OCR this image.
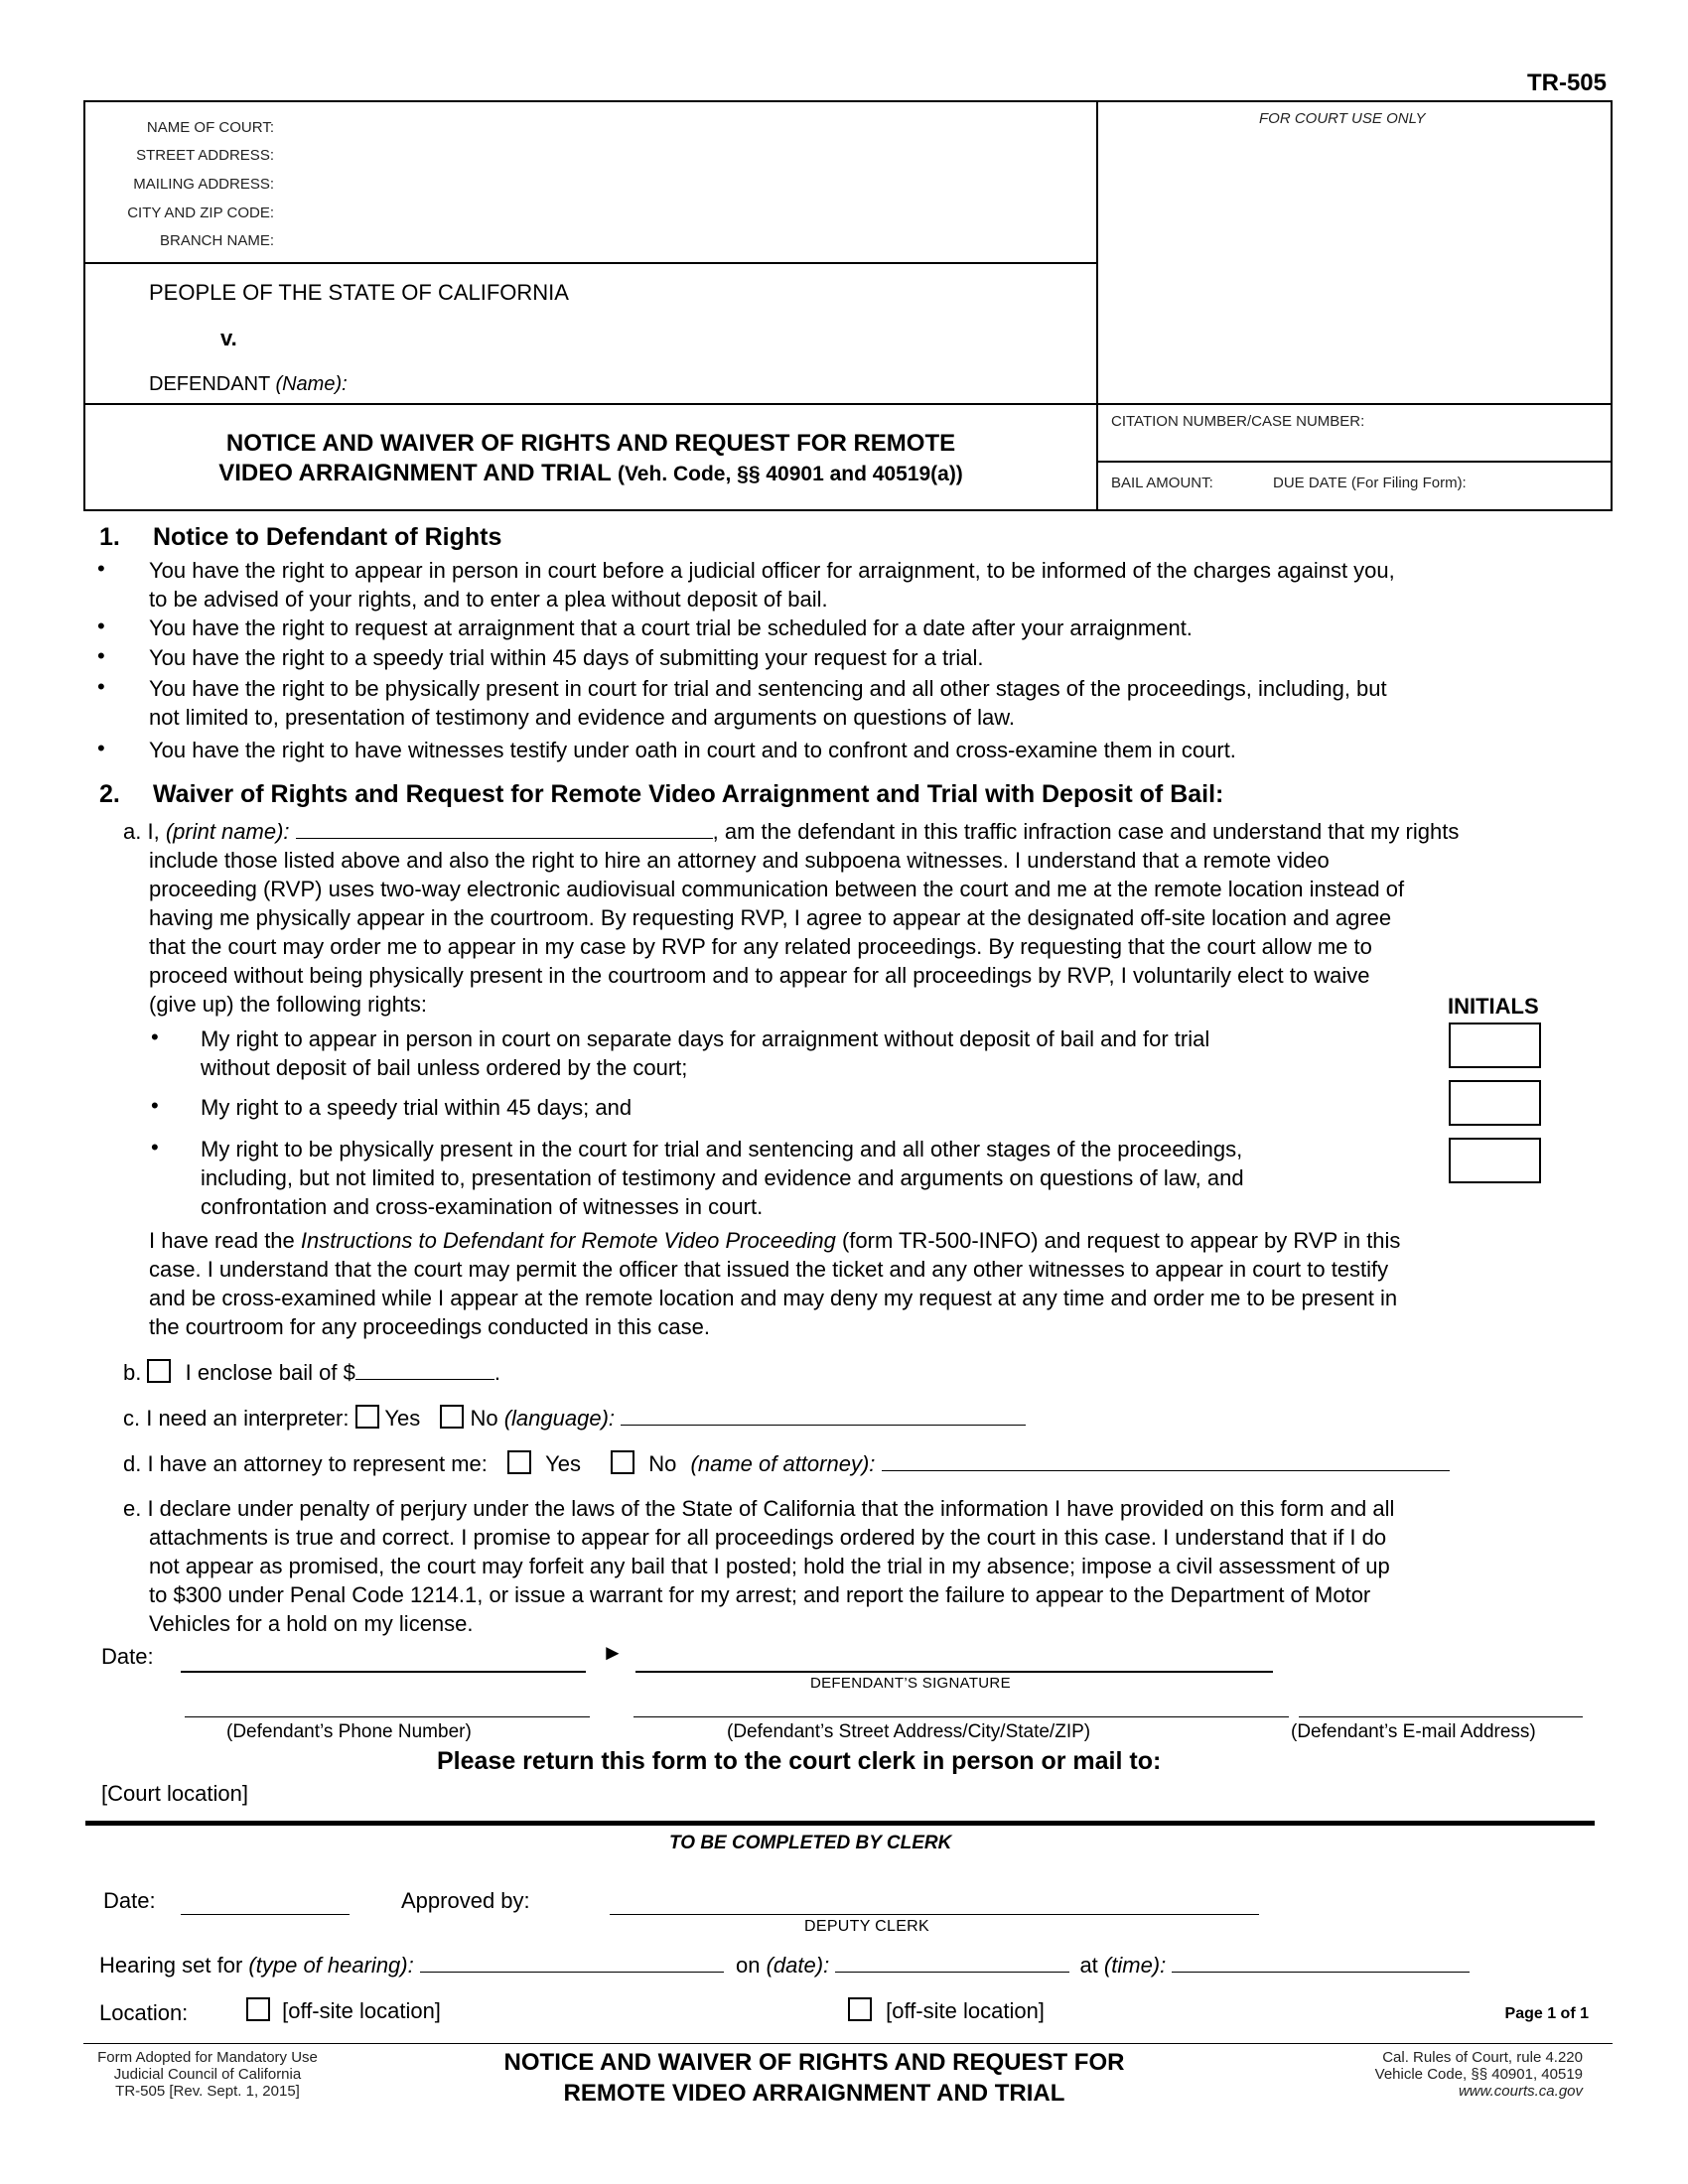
TR-505
NAME OF COURT:
STREET ADDRESS:
MAILING ADDRESS:
CITY AND ZIP CODE:
BRANCH NAME:
FOR COURT USE ONLY
PEOPLE OF THE STATE OF CALIFORNIA
v.
DEFENDANT (Name):
NOTICE AND WAIVER OF RIGHTS AND REQUEST FOR REMOTE
VIDEO ARRAIGNMENT AND TRIAL (Veh. Code, §§ 40901 and 40519(a))
CITATION NUMBER/CASE NUMBER:
BAIL AMOUNT:	DUE DATE (For Filing Form):
1. Notice to Defendant of Rights
• You have the right to appear in person in court before a judicial officer for arraignment, to be informed of the charges against you,
to be advised of your rights, and to enter a plea without deposit of bail.
• You have the right to request at arraignment that a court trial be scheduled for a date after your arraignment.
• You have the right to a speedy trial within 45 days of submitting your request for a trial.
• You have the right to be physically present in court for trial and sentencing and all other stages of the proceedings, including, but
not limited to, presentation of testimony and evidence and arguments on questions of law.
• You have the right to have witnesses testify under oath in court and to confront and cross-examine them in court.
2. Waiver of Rights and Request for Remote Video Arraignment and Trial with Deposit of Bail:
a. I, (print name):	, am the defendant in this traffic infraction case and understand that my rights
include those listed above and also the right to hire an attorney and subpoena witnesses. I understand that a remote video
proceeding (RVP) uses two-way electronic audiovisual communication between the court and me at the remote location instead of
having me physically appear in the courtroom. By requesting RVP, I agree to appear at the designated off-site location and agree
that the court may order me to appear in my case by RVP for any related proceedings. By requesting that the court allow me to
proceed without being physically present in the courtroom and to appear for all proceedings by RVP, I voluntarily elect to waive
(give up) the following rights:	INITIALS
• My right to appear in person in court on separate days for arraignment without deposit of bail and for trial
without deposit of bail unless ordered by the court;
• My right to a speedy trial within 45 days; and
• My right to be physically present in the court for trial and sentencing and all other stages of the proceedings,
including, but not limited to, presentation of testimony and evidence and arguments on questions of law, and
confrontation and cross-examination of witnesses in court.
I have read the Instructions to Defendant for Remote Video Proceeding (form TR-500-INFO) and request to appear by RVP in this
case. I understand that the court may permit the officer that issued the ticket and any other witnesses to appear in court to testify
and be cross-examined while I appear at the remote location and may deny my request at any time and order me to be present in
the courtroom for any proceedings conducted in this case.
b. I enclose bail of $	.
c. I need an interpreter: Yes No (language):
d. I have an attorney to represent me:	Yes	No (name of attorney):
e. I declare under penalty of perjury under the laws of the State of California that the information I have provided on this form and all
attachments is true and correct. I promise to appear for all proceedings ordered by the court in this case. I understand that if I do
not appear as promised, the court may forfeit any bail that I posted; hold the trial in my absence; impose a civil assessment of up
to $300 under Penal Code 1214.1, or issue a warrant for my arrest; and report the failure to appear to the Department of Motor
Vehicles for a hold on my license.
Date:	►
DEFENDANT’S SIGNATURE
(Defendant’s Phone Number)	(Defendant’s Street Address/City/State/ZIP)	(Defendant’s E-mail Address)
Please return this form to the court clerk in person or mail to:
[Court location]
TO BE COMPLETED BY CLERK
Date:	Approved by:
DEPUTY CLERK
Hearing set for (type of hearing):	on (date):	at (time):
Location:	[off-site location]	[off-site location]	Page 1 of 1
Form Adopted for Mandatory Use
Judicial Council of California
TR-505 [Rev. Sept. 1, 2015]
NOTICE AND WAIVER OF RIGHTS AND REQUEST FOR
REMOTE VIDEO ARRAIGNMENT AND TRIAL
Cal. Rules of Court, rule 4.220
Vehicle Code, §§ 40901, 40519
www.courts.ca.gov
